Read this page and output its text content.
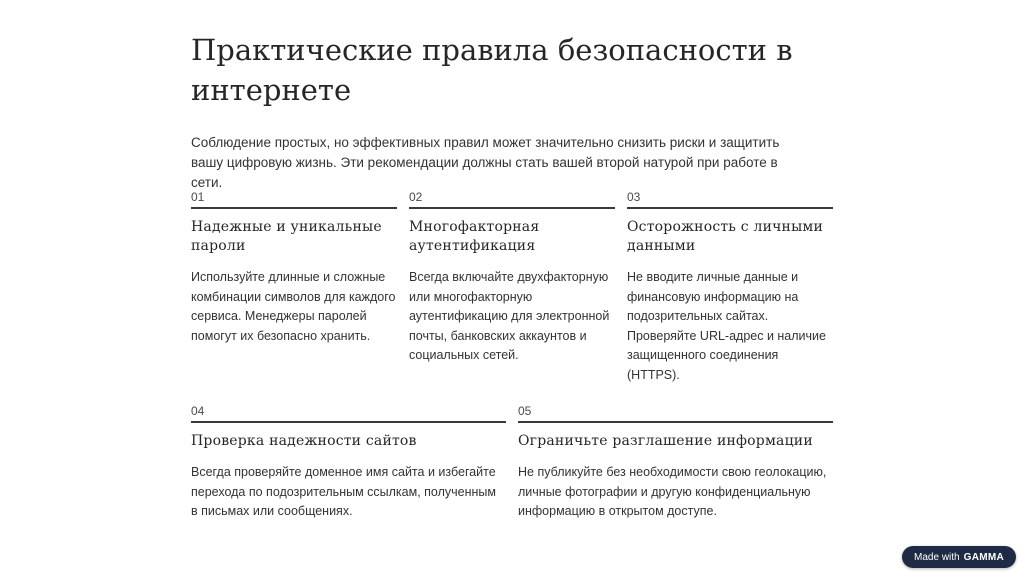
Практические правила безопасности в интернете

Соблюдение простых, но эффективных правил может значительно снизить риски и защитить вашу цифровую жизнь. Эти рекомендации должны стать вашей второй натурой при работе в сети.

01
Надежные и уникальные пароли
Используйте длинные и сложные комбинации символов для каждого сервиса. Менеджеры паролей помогут их безопасно хранить.
02
Многофакторная аутентификация
Всегда включайте двухфакторную или многофакторную аутентификацию для электронной почты, банковских аккаунтов и социальных сетей.
03
Осторожность с личными данными
Не вводите личные данные и финансовую информацию на подозрительных сайтах. Проверяйте URL-адрес и наличие защищенного соединения (HTTPS).
04
Проверка надежности сайтов
Всегда проверяйте доменное имя сайта и избегайте перехода по подозрительным ссылкам, полученным в письмах или сообщениях.
05
Ограничьте разглашение информации
Не публикуйте без необходимости свою геолокацию, личные фотографии и другую конфиденциальную информацию в открытом доступе.
Made with GAMMA
